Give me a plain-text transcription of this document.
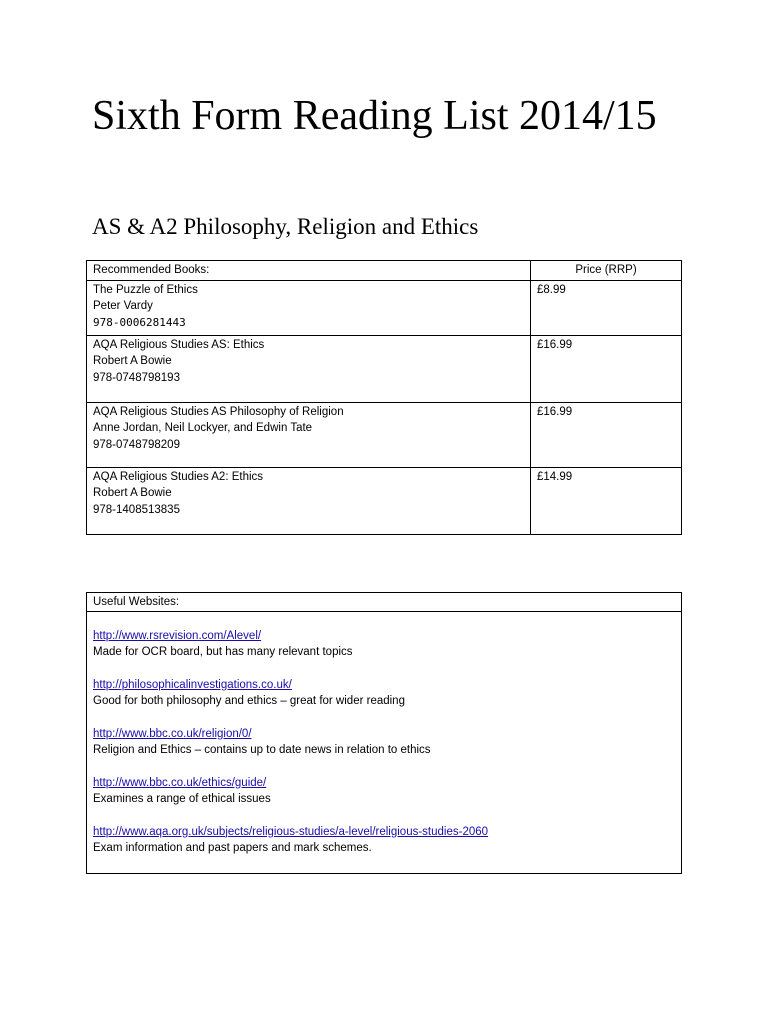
Sixth Form Reading List 2014/15
AS & A2 Philosophy, Religion and Ethics
Recommended Books:	Price (RRP)

The Puzzle of Ethics
Peter Vardy
978-0006281443	£8.99

AQA Religious Studies AS: Ethics
Robert A Bowie
978-0748798193	£16.99

AQA Religious Studies AS Philosophy of Religion
Anne Jordan, Neil Lockyer, and Edwin Tate
978-0748798209	£16.99

AQA Religious Studies A2: Ethics
Robert A Bowie
978-1408513835	£14.99
Useful Websites:

http://www.rsrevision.com/Alevel/
Made for OCR board, but has many relevant topics
http://philosophicalinvestigations.co.uk/
Good for both philosophy and ethics – great for wider reading
http://www.bbc.co.uk/religion/0/
Religion and Ethics – contains up to date news in relation to ethics
http://www.bbc.co.uk/ethics/guide/
Examines a range of ethical issues
http://www.aqa.org.uk/subjects/religious-studies/a-level/religious-studies-2060
Exam information and past papers and mark schemes.
